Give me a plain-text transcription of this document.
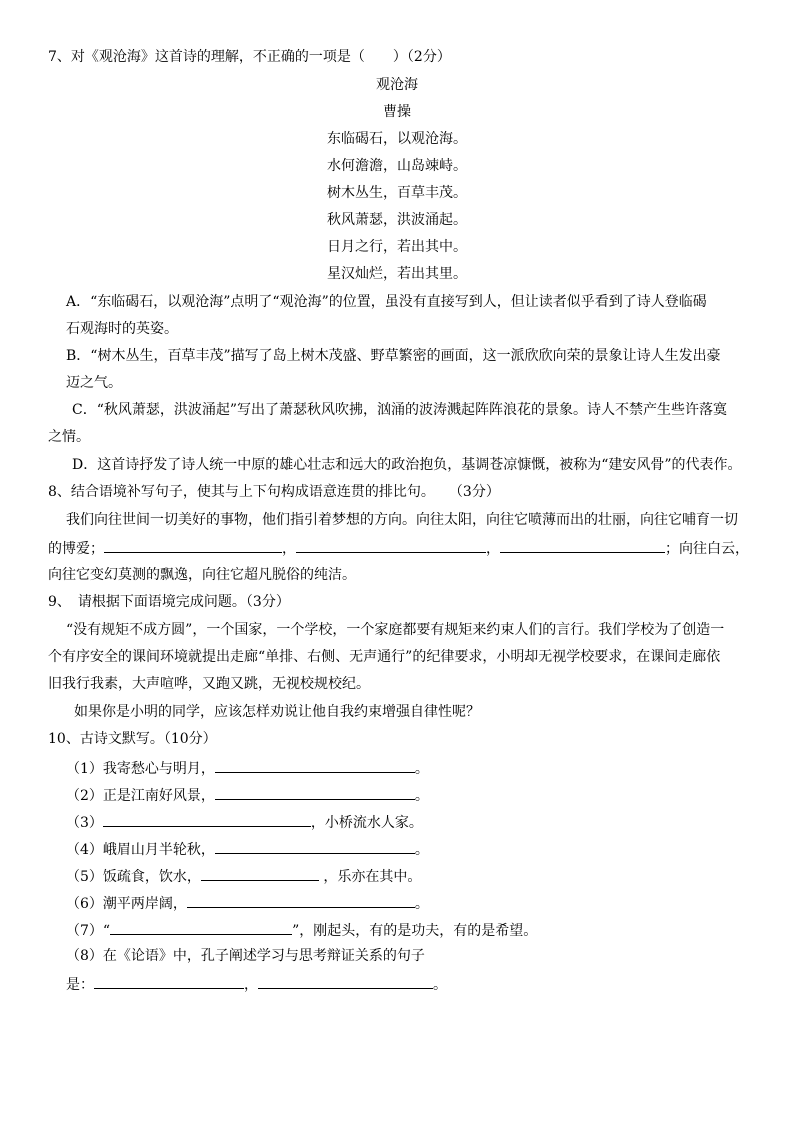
7、对《观沧海》这首诗的理解，不正确的一项是（　　）（2分）
观沧海
曹操
东临碣石，以观沧海。
水何澹澹，山岛竦峙。
树木丛生，百草丰茂。
秋风萧瑟，洪波涌起。
日月之行，若出其中。
星汉灿烂，若出其里。
A．“东临碣石，以观沧海”点明了“观沧海”的位置，虽没有直接写到人，但让读者似乎看到了诗人登临碣
石观海时的英姿。
B．“树木丛生，百草丰茂”描写了岛上树木茂盛、野草繁密的画面，这一派欣欣向荣的景象让诗人生发出豪
迈之气。
C．“秋风萧瑟，洪波涌起”写出了萧瑟秋风吹拂，汹涌的波涛溅起阵阵浪花的景象。诗人不禁产生些许落寞
之情。
D．这首诗抒发了诗人统一中原的雄心壮志和远大的政治抱负，基调苍凉慷慨，被称为“建安风骨”的代表作。
8、结合语境补写句子，使其与上下句构成语意连贯的排比句。　　（3分）
我们向往世间一切美好的事物，他们指引着梦想的方向。向往太阳，向往它喷薄而出的壮丽，向往它哺育一切
的博爱；	，	，	；向往白云，
向往它变幻莫测的飘逸，向往它超凡脱俗的纯洁。
9、　请根据下面语境完成问题。（3分）
“没有规矩不成方圆”，一个国家，一个学校，一个家庭都要有规矩来约束人们的言行。我们学校为了创造一
个有序安全的课间环境就提出走廊“单排、右侧、无声通行”的纪律要求，小明却无视学校要求，在课间走廊依
旧我行我素，大声喧哗，又跑又跳，无视校规校纪。
如果你是小明的同学，应该怎样劝说让他自我约束增强自律性呢？
10、古诗文默写。（10分）
（1）我寄愁心与明月，	。
（2）正是江南好风景，	。
（3）	，小桥流水人家。
（4）峨眉山月半轮秋，	。
（5）饭疏食，饮水，	，乐亦在其中。
（6）潮平两岸阔，	。
（7）“	”，刚起头，有的是功夫，有的是希望。
（8）在《论语》中，孔子阐述学习与思考辩证关系的句子
是：	，	。
